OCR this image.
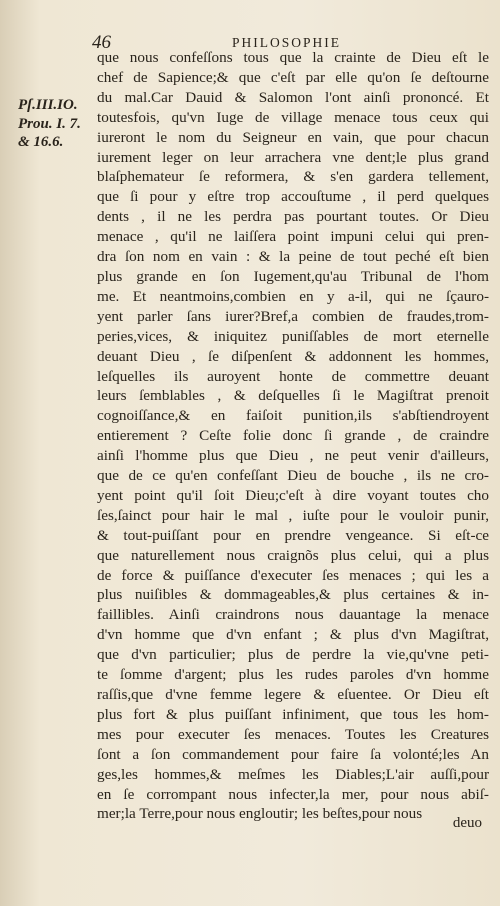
46	PHILOSOPHIE
Pſ.III.IO.
Prou. I. 7.
& 16.6.
que nous confeſſons tous que la crainte de Dieu eſt le
chef de Sapience;& que c'eſt par elle qu'on ſe deſtourne
du mal.Car Dauid & Salomon l'ont ainſi prononcé. Et
toutesfois, qu'vn Iuge de village menace tous ceux qui
iureront le nom du Seigneur en vain, que pour chacun
iurement leger on leur arrachera vne dent;le plus grand
blaſphemateur ſe reformera, & s'en gardera tellement,
que ſi pour y eſtre trop accouſtume , il perd quelques
dents , il ne les perdra pas pourtant toutes. Or Dieu
menace , qu'il ne laiſſera point impuni celui qui pren-
dra ſon nom en vain : & la peine de tout peché eſt bien
plus grande en ſon Iugement,qu'au Tribunal de l'hom
me. Et neantmoins,combien en y a-il, qui ne ſçauro-
yent parler ſans iurer?Bref,a combien de fraudes,trom-
peries,vices, & iniquitez puniſſables de mort eternelle
deuant Dieu , ſe diſpenſent & addonnent les hommes,
leſquelles ils auroyent honte de commettre deuant
leurs ſemblables , & deſquelles ſi le Magiſtrat prenoit
cognoiſſance,& en faiſoit punition,ils s'abſtiendroyent
entierement ? Ceſte folie donc ſi grande , de craindre
ainſi l'homme plus que Dieu , ne peut venir d'ailleurs,
que de ce qu'en confeſſant Dieu de bouche , ils ne cro-
yent point qu'il ſoit Dieu;c'eſt à dire voyant toutes cho
ſes,ſainct pour hair le mal , iuſte pour le vouloir punir,
& tout-puiſſant pour en prendre vengeance. Si eſt-ce
que naturellement nous craignõs plus celui, qui a plus
de force & puiſſance d'executer ſes menaces ; qui les a
plus nuiſibles & dommageables,& plus certaines & in-
faillibles. Ainſi craindrons nous dauantage la menace
d'vn homme que d'vn enfant ; & plus d'vn Magiſtrat,
que d'vn particulier; plus de perdre la vie,qu'vne peti-
te ſomme d'argent; plus les rudes paroles d'vn homme
raſſis,que d'vne femme legere & eſuentee. Or Dieu eſt
plus fort & plus puiſſant infiniment, que tous les hom-
mes pour executer ſes menaces. Toutes les Creatures
ſont a ſon commandement pour faire ſa volonté;les An
ges,les hommes,& meſmes les Diables;L'air auſſi,pour
en ſe corrompant nous infecter,la mer, pour nous abiſ-
mer;la Terre,pour nous engloutir; les beſtes,pour nous
deuo
